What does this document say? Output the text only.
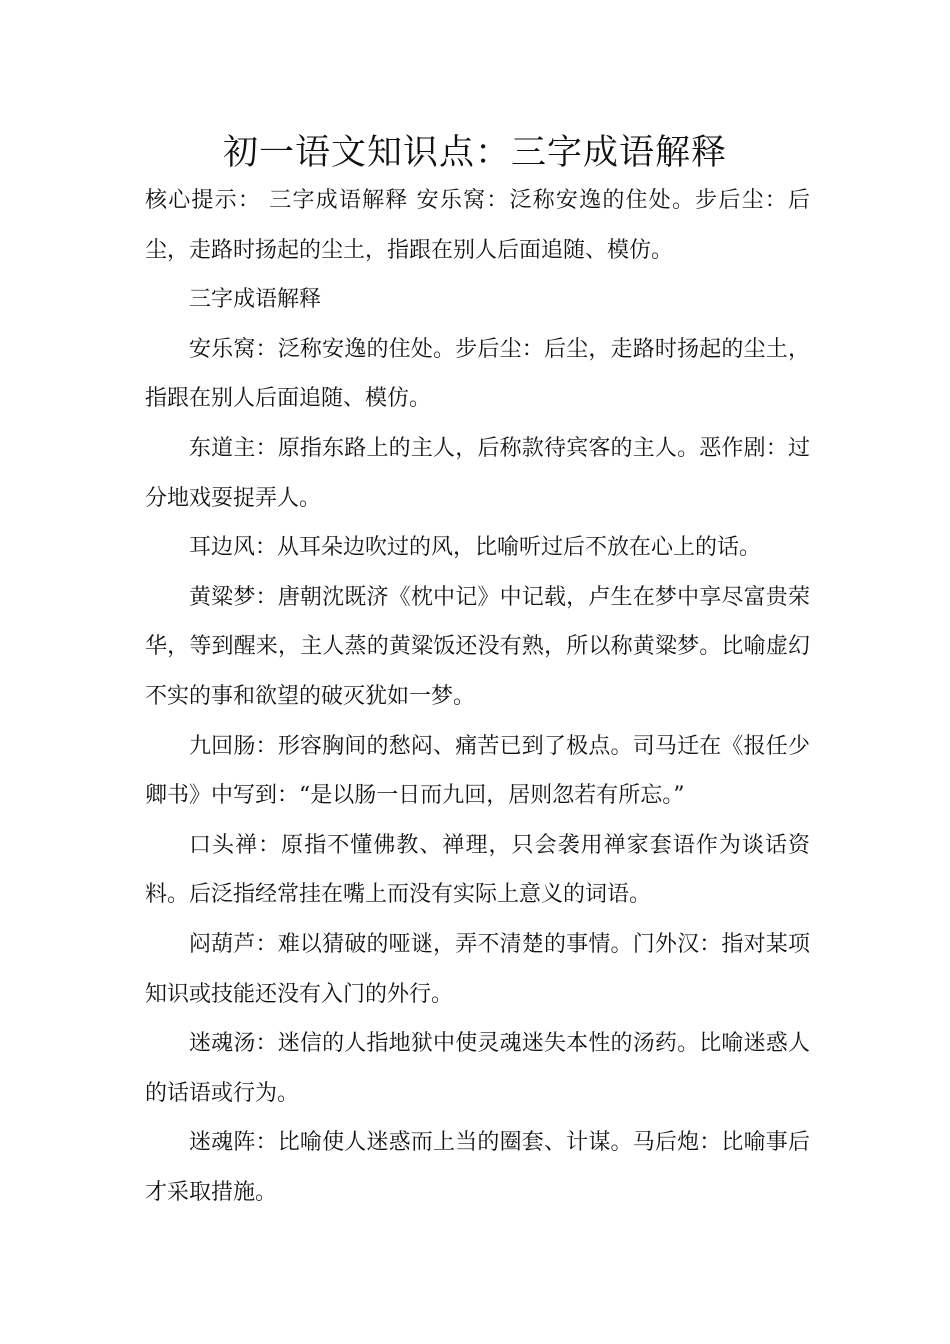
初一语文知识点：三字成语解释

核心提示： 三字成语解释 安乐窝：泛称安逸的住处。步后尘：后尘，走路时扬起的尘土，指跟在别人后面追随、模仿。

三字成语解释

安乐窝：泛称安逸的住处。步后尘：后尘，走路时扬起的尘土，指跟在别人后面追随、模仿。

东道主：原指东路上的主人，后称款待宾客的主人。恶作剧：过分地戏耍捉弄人。

耳边风：从耳朵边吹过的风，比喻听过后不放在心上的话。

黄粱梦：唐朝沈既济《枕中记》中记载，卢生在梦中享尽富贵荣华，等到醒来，主人蒸的黄粱饭还没有熟，所以称黄粱梦。比喻虚幻不实的事和欲望的破灭犹如一梦。

九回肠：形容胸间的愁闷、痛苦已到了极点。司马迁在《报任少卿书》中写到：“是以肠一日而九回，居则忽若有所忘。”

口头禅：原指不懂佛教、禅理，只会袭用禅家套语作为谈话资料。后泛指经常挂在嘴上而没有实际上意义的词语。

闷葫芦：难以猜破的哑谜，弄不清楚的事情。门外汉：指对某项知识或技能还没有入门的外行。

迷魂汤：迷信的人指地狱中使灵魂迷失本性的汤药。比喻迷惑人的话语或行为。

迷魂阵：比喻使人迷惑而上当的圈套、计谋。马后炮：比喻事后才采取措施。
